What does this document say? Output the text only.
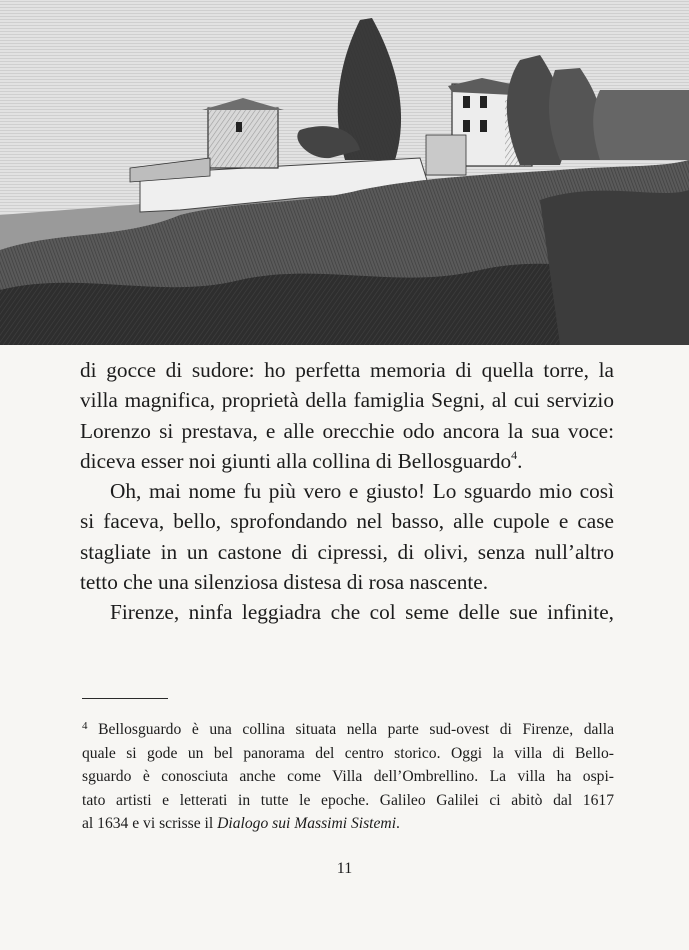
di gocce di sudore: ho perfetta memoria di quella torre, la
villa magnifica, proprietà della famiglia Segni, al cui servizio
Lorenzo si prestava, e alle orecchie odo ancora la sua voce:
diceva esser noi giunti alla collina di Bellosguardo$^4$.
Oh, mai nome fu più vero e giusto! Lo sguardo mio così
si faceva, bello, sprofondando nel basso, alle cupole e case
stagliate in un castone di cipressi, di olivi, senza null’altro
tetto che una silenziosa distesa di rosa nascente.
Firenze, ninfa leggiadra che col seme delle sue infinite,
$^4$ Bellosguardo è una collina situata nella parte sud-ovest di Firenze, dalla
quale si gode un bel panorama del centro storico. Oggi la villa di Bello-
sguardo è conosciuta anche come Villa dell’Ombrellino. La villa ha ospi-
tato artisti e letterati in tutte le epoche. Galileo Galilei ci abitò dal 1617
al 1634 e vi scrisse il Dialogo sui Massimi Sistemi.
11
